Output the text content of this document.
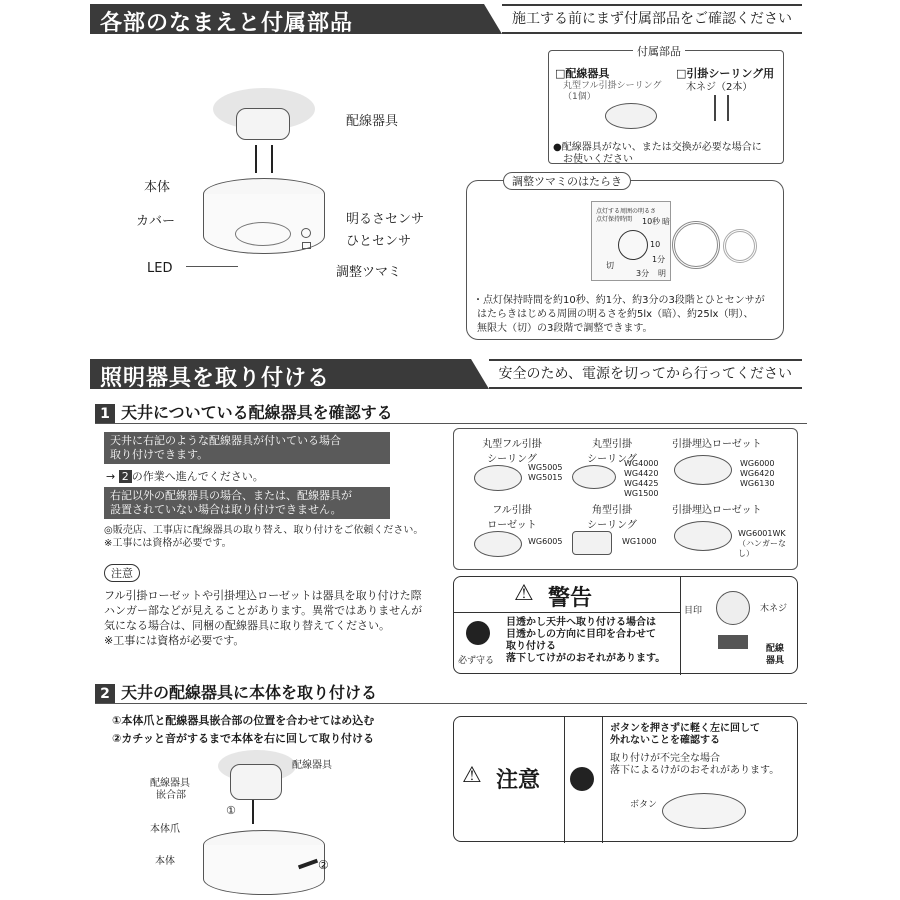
各部のなまえと付属部品	施工する前にまず付属部品をご確認ください
配線器具
本体
カバー	明るさセンサ
ひとセンサ
調整ツマミ
LED
付属部品
□配線器具
丸型フル引掛シーリング
（1個）
□引掛シーリング用
木ネジ（2本）
●配線器具がない、または交換が必要な場合に
お使いください
調整ツマミのはたらき
点灯する周囲の明るさ
点灯保持時間 10秒 暗
10
切
3分
1分
明
・点灯保持時間を約10秒、約1分、約3分の3段階とひとセンサが
はたらきはじめる周囲の明るさを約5lx（暗）、約25lx（明）、
無限大（切）の3段階で調整できます。
照明器具を取り付ける	安全のため、電源を切ってから行ってください
1 天井についている配線器具を確認する
天井に右記のような配線器具が付いている場合
取り付けできます。
→ 2 の作業へ進んでください。
右記以外の配線器具の場合、または、配線器具が
設置されていない場合は取り付けできません。
◎販売店、工事店に配線器具の取り替え、取り付けをご依頼ください。
※工事には資格が必要です。
注意
フル引掛ローゼットや引掛埋込ローゼットは器具を取り付けた際
ハンガー部などが見えることがあります。異常ではありませんが
気になる場合は、同梱の配線器具に取り替えてください。
※工事には資格が必要です。
丸型フル引掛
シーリング
WG5005
WG5015
丸型引掛
シーリング
WG4000
WG4420
WG4425
WG1500
引掛埋込ローゼット
WG6000
WG6420
WG6130
フル引掛
ローゼット
WG6005
角型引掛
シーリング
WG1000
引掛埋込ローゼット
WG6001WK
（ハンガーなし）
⚠ 警告
必ず守る
目透かし天井へ取り付ける場合は
目透かしの方向に目印を合わせて
取り付ける
落下してけがのおそれがあります。
目印	木ネジ
配線
器具
2 天井の配線器具に本体を取り付ける
①本体爪と配線器具嵌合部の位置を合わせてはめ込む
②カチッと音がするまで本体を右に回して取り付ける
配線器具
配線器具
嵌合部
①
本体爪
本体	②
⚠ 注意
ボタンを押さずに軽く左に回して
外れないことを確認する
取り付けが不完全な場合
落下によるけがのおそれがあります。
ボタン
